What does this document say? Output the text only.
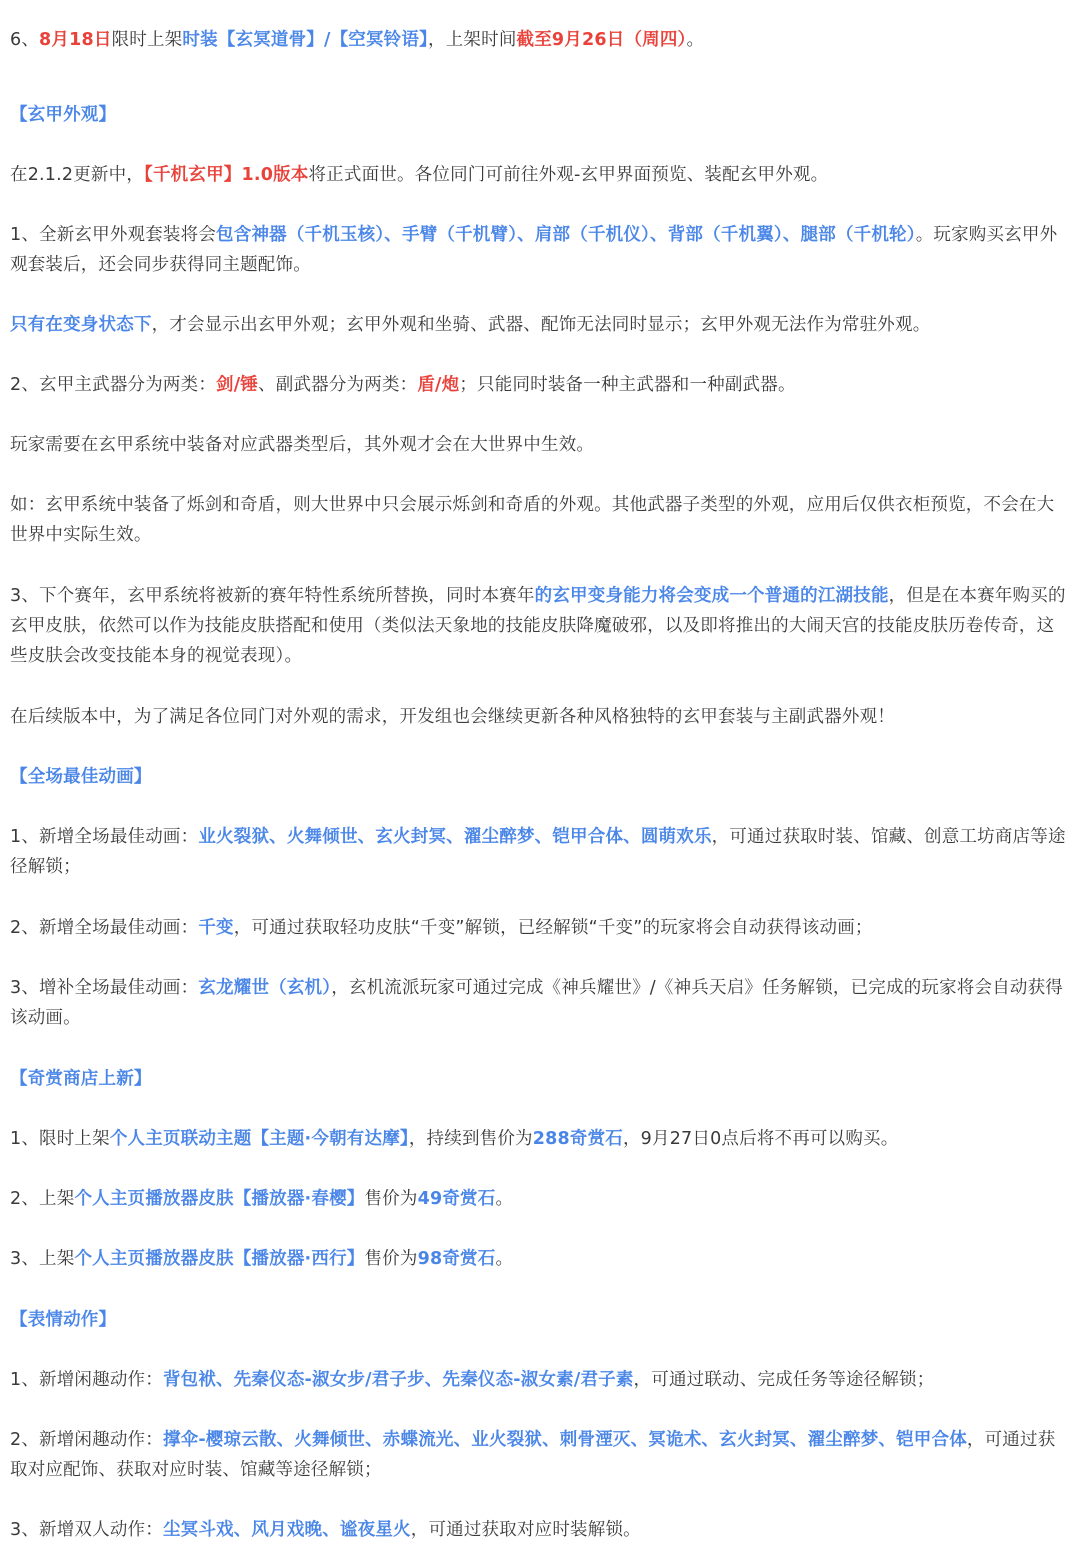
6、8月18日限时上架时装【玄冥道骨】/【空冥铃语】，上架时间截至9月26日（周四）。

【玄甲外观】

在2.1.2更新中，【千机玄甲】1.0版本将正式面世。各位同门可前往外观-玄甲界面预览、装配玄甲外观。

1、全新玄甲外观套装将会包含神器（千机玉核）、手臂（千机臂）、肩部（千机仪）、背部（千机翼）、腿部（千机轮）。玩家购买玄甲外观套装后，还会同步获得同主题配饰。

只有在变身状态下，才会显示出玄甲外观；玄甲外观和坐骑、武器、配饰无法同时显示；玄甲外观无法作为常驻外观。

2、玄甲主武器分为两类：剑/锤、副武器分为两类：盾/炮；只能同时装备一种主武器和一种副武器。

玩家需要在玄甲系统中装备对应武器类型后，其外观才会在大世界中生效。

如：玄甲系统中装备了烁剑和奇盾，则大世界中只会展示烁剑和奇盾的外观。其他武器子类型的外观，应用后仅供衣柜预览，不会在大世界中实际生效。

3、下个赛年，玄甲系统将被新的赛年特性系统所替换，同时本赛年的玄甲变身能力将会变成一个普通的江湖技能，但是在本赛年购买的玄甲皮肤，依然可以作为技能皮肤搭配和使用（类似法天象地的技能皮肤降魔破邪，以及即将推出的大闹天宫的技能皮肤历卷传奇，这些皮肤会改变技能本身的视觉表现）。

在后续版本中，为了满足各位同门对外观的需求，开发组也会继续更新各种风格独特的玄甲套装与主副武器外观！

【全场最佳动画】

1、新增全场最佳动画：业火裂狱、火舞倾世、玄火封冥、濯尘醉梦、铠甲合体、圆萌欢乐，可通过获取时装、馆藏、创意工坊商店等途径解锁；

2、新增全场最佳动画：千变，可通过获取轻功皮肤“千变”解锁，已经解锁“千变”的玩家将会自动获得该动画；

3、增补全场最佳动画：玄龙耀世（玄机），玄机流派玩家可通过完成《神兵耀世》/《神兵天启》任务解锁，已完成的玩家将会自动获得该动画。

【奇赏商店上新】

1、限时上架个人主页联动主题【主题·今朝有达摩】，持续到售价为288奇赏石，9月27日0点后将不再可以购买。

2、上架个人主页播放器皮肤【播放器·春樱】售价为49奇赏石。

3、上架个人主页播放器皮肤【播放器·西行】售价为98奇赏石。

【表情动作】

1、新增闲趣动作：背包袱、先秦仪态-淑女步/君子步、先秦仪态-淑女素/君子素，可通过联动、完成任务等途径解锁；

2、新增闲趣动作：撑伞-樱琼云散、火舞倾世、赤蝶流光、业火裂狱、刺骨湮灭、冥诡术、玄火封冥、濯尘醉梦、铠甲合体，可通过获取对应配饰、获取对应时装、馆藏等途径解锁；

3、新增双人动作：尘冥斗戏、风月戏晚、谧夜星火，可通过获取对应时装解锁。
